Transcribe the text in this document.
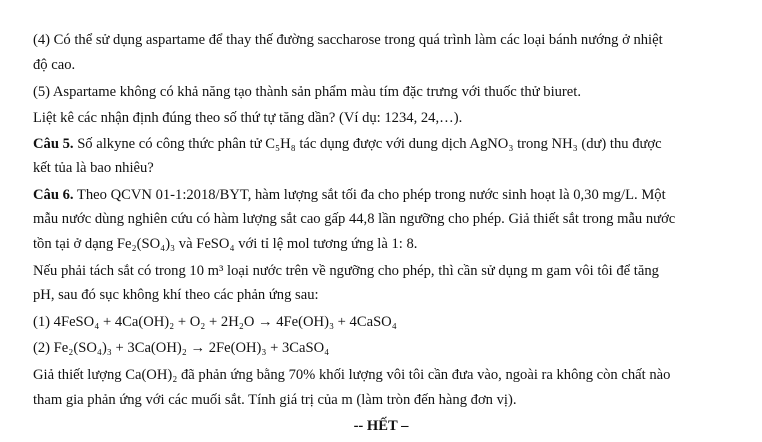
(4) Có thể sử dụng aspartame để thay thế đường saccharose trong quá trình làm các loại bánh nướng ở nhiệt
độ cao.
(5) Aspartame không có khả năng tạo thành sản phẩm màu tím đặc trưng với thuốc thử biuret.
Liệt kê các nhận định đúng theo số thứ tự tăng dần? (Ví dụ: 1234, 24,…).
Câu 5. Số alkyne có công thức phân tử C₅H₈ tác dụng được với dung dịch AgNO₃ trong NH₃ (dư) thu được
kết tủa là bao nhiêu?
Câu 6. Theo QCVN 01-1:2018/BYT, hàm lượng sắt tối đa cho phép trong nước sinh hoạt là 0,30 mg/L. Một
mẫu nước dùng nghiên cứu có hàm lượng sắt cao gấp 44,8 lần ngưỡng cho phép. Giả thiết sắt trong mẫu nước
tồn tại ở dạng Fe₂(SO₄)₃ và FeSO₄ với tỉ lệ mol tương ứng là 1: 8.
Nếu phải tách sắt có trong 10 m³ loại nước trên về ngưỡng cho phép, thì cần sử dụng m gam vôi tôi để tăng
pH, sau đó sục không khí theo các phản ứng sau:
(1) 4FeSO₄ + 4Ca(OH)₂ + O₂ + 2H₂O → 4Fe(OH)₃ + 4CaSO₄
(2) Fe₂(SO₄)₃ + 3Ca(OH)₂ → 2Fe(OH)₃ + 3CaSO₄
Giả thiết lượng Ca(OH)₂ đã phản ứng bằng 70% khối lượng vôi tôi cần đưa vào, ngoài ra không còn chất nào
tham gia phản ứng với các muối sắt. Tính giá trị của m (làm tròn đến hàng đơn vị).
-- HẾT –
